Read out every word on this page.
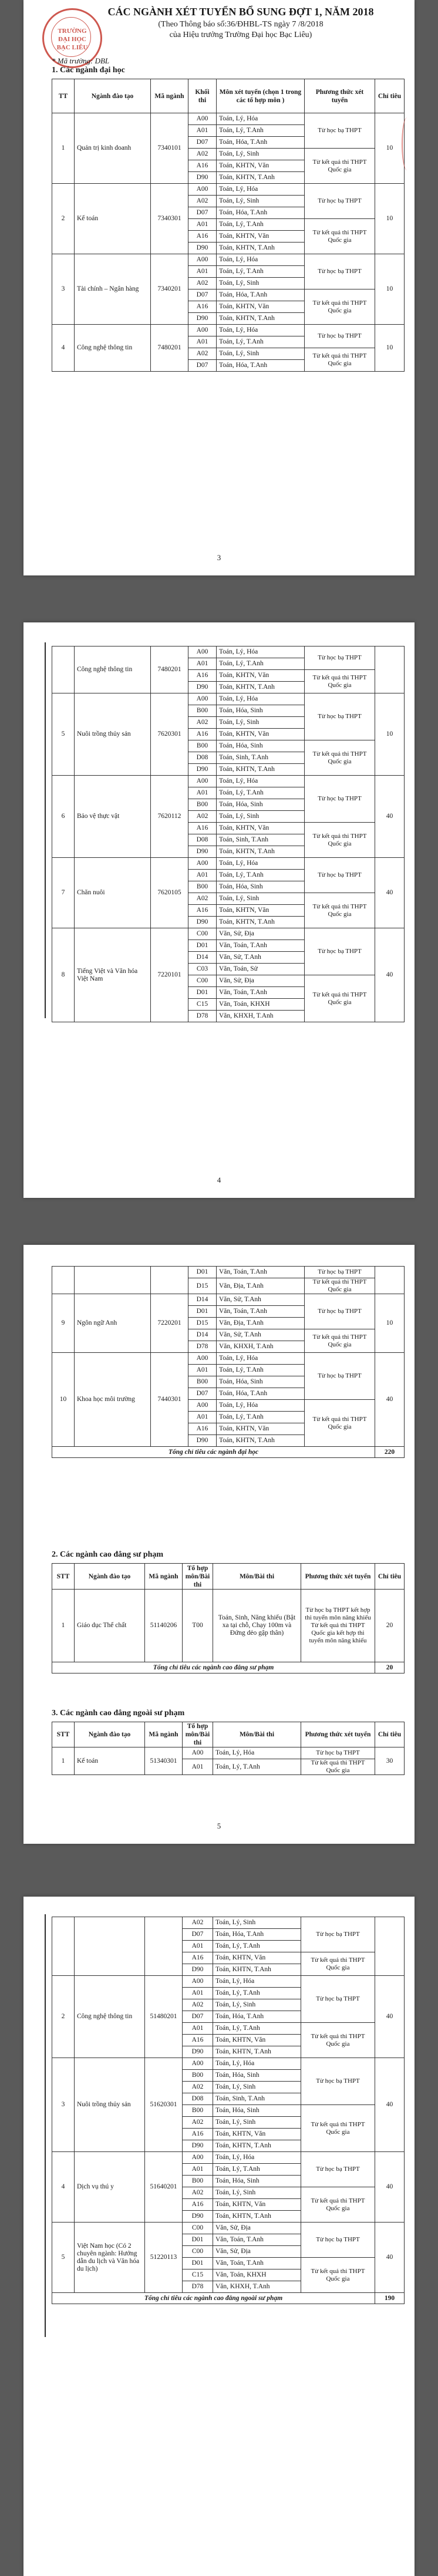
TRƯỜNG
ĐẠI HỌC
BẠC LIÊU
CÁC NGÀNH XÉT TUYỂN BỔ SUNG ĐỢT 1, NĂM 2018
(Theo Thông báo số:36/ĐHBL-TS ngày 7 /8/2018
của Hiệu trưởng Trường Đại học Bạc Liêu)
* Mã trường: DBL
1. Các ngành đại học
TT	Ngành đào tạo	Mã ngành	Khối thi	Môn xét tuyển (chọn 1 trong các tổ hợp môn )	Phương thức xét tuyển	Chỉ tiêu
1	Quản trị kinh doanh	7340101	A00	Toán, Lý, Hóa	Từ học bạ THPT	10
			A01	Toán, Lý, T.Anh		
			D07	Toán, Hóa, T.Anh		
			A02	Toán, Lý, Sinh	Từ kết quả thi THPT Quốc gia	
			A16	Toán, KHTN, Văn		
			D90	Toán, KHTN, T.Anh		
2	Kế toán	7340301	A00	Toán, Lý, Hóa	Từ học bạ THPT	10
			A02	Toán, Lý, Sinh		
			D07	Toán, Hóa, T.Anh		
			A01	Toán, Lý, T.Anh	Từ kết quả thi THPT Quốc gia	
			A16	Toán, KHTN, Văn		
			D90	Toán, KHTN, T.Anh		
3	Tài chính – Ngân hàng	7340201	A00	Toán, Lý, Hóa	Từ học bạ THPT	10
			A01	Toán, Lý, T.Anh		
			A02	Toán, Lý, Sinh		
			D07	Toán, Hóa, T.Anh	Từ kết quả thi THPT Quốc gia	
			A16	Toán, KHTN, Văn		
			D90	Toán, KHTN, T.Anh		
4	Công nghệ thông tin	7480201	A00	Toán, Lý, Hóa	Từ học bạ THPT	10
			A01	Toán, Lý, T.Anh		
			A02	Toán, Lý, Sinh	Từ kết quả thi THPT Quốc gia	
			D07	Toán, Hóa, T.Anh		
3
	Công nghệ thông tin	7480201	A00	Toán, Lý, Hóa	Từ học bạ THPT	
			A01	Toán, Lý, T.Anh		
			A16	Toán, KHTN, Văn	Từ kết quả thi THPT Quốc gia	
			D90	Toán, KHTN, T.Anh		
5	Nuôi trồng thủy sản	7620301	A00	Toán, Lý, Hóa	Từ học bạ THPT	10
			B00	Toán, Hóa, Sinh		
			A02	Toán, Lý, Sinh		
			A16	Toán, KHTN, Văn		
			B00	Toán, Hóa, Sinh	Từ kết quả thi THPT Quốc gia	
			D08	Toán, Sinh, T.Anh		
			D90	Toán, KHTN, T.Anh		
6	Bảo vệ thực vật	7620112	A00	Toán, Lý, Hóa	Từ học bạ THPT	40
			A01	Toán, Lý, T.Anh		
			B00	Toán, Hóa, Sinh		
			A02	Toán, Lý, Sinh		
			A16	Toán, KHTN, Văn	Từ kết quả thi THPT Quốc gia	
			D08	Toán, Sinh, T.Anh		
			D90	Toán, KHTN, T.Anh		
7	Chăn nuôi	7620105	A00	Toán, Lý, Hóa	Từ học bạ THPT	40
			A01	Toán, Lý, T.Anh		
			B00	Toán, Hóa, Sinh		
			A02	Toán, Lý, Sinh	Từ kết quả thi THPT Quốc gia	
			A16	Toán, KHTN, Văn		
			D90	Toán, KHTN, T.Anh		
8	Tiếng Việt và Văn hóa Việt Nam	7220101	C00	Văn, Sử, Địa	Từ học bạ THPT	40
			D01	Văn, Toán, T.Anh		
			D14	Văn, Sử, T.Anh		
			C03	Văn, Toán, Sử		
			C00	Văn, Sử, Địa	Từ kết quả thi THPT Quốc gia	
			D01	Văn, Toán, T.Anh		
			C15	Văn, Toán, KHXH		
			D78	Văn, KHXH, T.Anh		
4
			D01	Văn, Toán, T.Anh	Từ học bạ THPT	
			D15	Văn, Địa, T.Anh	Từ kết quả thi THPT Quốc gia	
9	Ngôn ngữ Anh	7220201	D14	Văn, Sử, T.Anh	Từ học bạ THPT	10
			D01	Văn, Toán, T.Anh		
			D15	Văn, Địa, T.Anh		
			D14	Văn, Sử, T.Anh	Từ kết quả thi THPT Quốc gia	
			D78	Văn, KHXH, T.Anh		
10	Khoa học môi trường	7440301	A00	Toán, Lý, Hóa	Từ học bạ THPT	40
			A01	Toán, Lý, T.Anh		
			B00	Toán, Hóa, Sinh		
			D07	Toán, Hóa, T.Anh		
			A00	Toán, Lý, Hóa	Từ kết quả thi THPT Quốc gia	
			A01	Toán, Lý, T.Anh		
			A16	Toán, KHTN, Văn		
			D90	Toán, KHTN, T.Anh		
Tổng chỉ tiêu các ngành đại học						220
2. Các ngành cao đẳng sư phạm
STT	Ngành đào tạo	Mã ngành	Tổ hợp môn/Bài thi	Môn/Bài thi	Phương thức xét tuyển	Chỉ tiêu
1	Giáo dục Thể chất	51140206	T00	Toán, Sinh, Năng khiếu (Bật xa tại chỗ, Chạy 100m và Đứng dẻo gập thân)	Từ học bạ THPT kết hợp thi tuyển môn năng khiếu Từ kết quả thi THPT Quốc gia kết hợp thi tuyển môn năng khiếu	20
Tổng chỉ tiêu các ngành cao đẳng sư phạm						20
3. Các ngành cao đẳng ngoài sư phạm
STT	Ngành đào tạo	Mã ngành	Tổ hợp môn/Bài thi	Môn/Bài thi	Phương thức xét tuyển	Chỉ tiêu
1	Kế toán	51340301	A00	Toán, Lý, Hóa	Từ học bạ THPT	30
			A01	Toán, Lý, T.Anh	Từ kết quả thi THPT Quốc gia	
5
			A02	Toán, Lý, Sinh	Từ học bạ THPT	
			D07	Toán, Hóa, T.Anh		
			A01	Toán, Lý, T.Anh		
			A16	Toán, KHTN, Văn	Từ kết quả thi THPT Quốc gia	
			D90	Toán, KHTN, T.Anh		
2	Công nghệ thông tin	51480201	A00	Toán, Lý, Hóa	Từ học bạ THPT	40
			A01	Toán, Lý, T.Anh		
			A02	Toán, Lý, Sinh		
			D07	Toán, Hóa, T.Anh		
			A01	Toán, Lý, T.Anh	Từ kết quả thi THPT Quốc gia	
			A16	Toán, KHTN, Văn		
			D90	Toán, KHTN, T.Anh		
3	Nuôi trồng thủy sản	51620301	A00	Toán, Lý, Hóa	Từ học bạ THPT	40
			B00	Toán, Hóa, Sinh		
			A02	Toán, Lý, Sinh		
			D08	Toán, Sinh, T.Anh		
			B00	Toán, Hóa, Sinh	Từ kết quả thi THPT Quốc gia	
			A02	Toán, Lý, Sinh		
			A16	Toán, KHTN, Văn		
			D90	Toán, KHTN, T.Anh		
4	Dịch vụ thú y	51640201	A00	Toán, Lý, Hóa	Từ học bạ THPT	40
			A01	Toán, Lý, T.Anh		
			B00	Toán, Hóa, Sinh		
			A02	Toán, Lý, Sinh	Từ kết quả thi THPT Quốc gia	
			A16	Toán, KHTN, Văn		
			D90	Toán, KHTN, T.Anh		
5	Việt Nam học (Có 2 chuyên ngành: Hướng dẫn du lịch và Văn hóa du lịch)	51220113	C00	Văn, Sử, Địa	Từ học bạ THPT	40
			D01	Văn, Toán, T.Anh		
			C00	Văn, Sử, Địa		
			D01	Văn, Toán, T.Anh	Từ kết quả thi THPT Quốc gia	
			C15	Văn, Toán, KHXH		
			D78	Văn, KHXH, T.Anh		
Tổng chỉ tiêu các ngành cao đẳng ngoài sư phạm						190
